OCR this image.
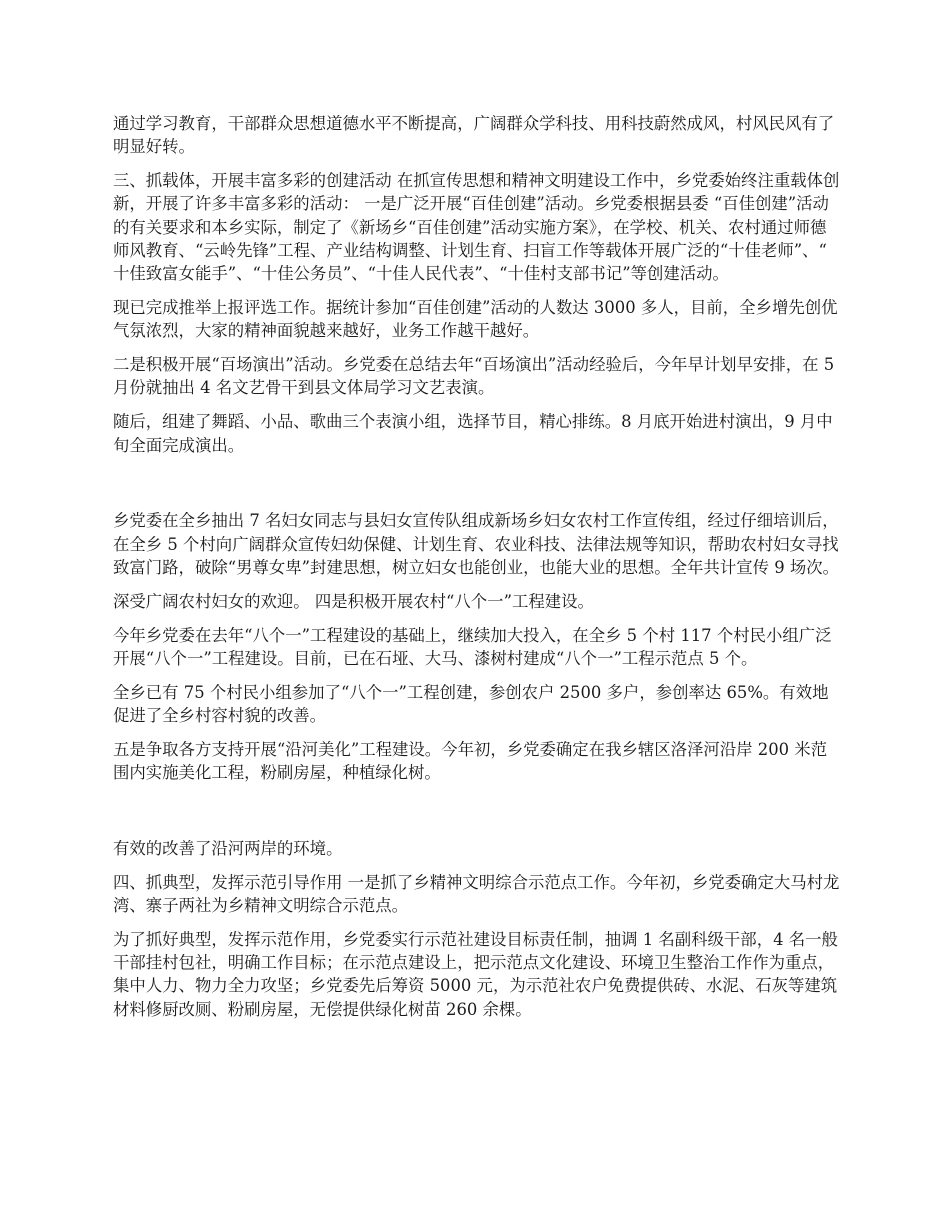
通过学习教育，干部群众思想道德水平不断提高，广阔群众学科技、用科技蔚然成风，村风民风有了明显好转。

三、抓载体，开展丰富多彩的创建活动 在抓宣传思想和精神文明建设工作中，乡党委始终注重载体创新，开展了许多丰富多彩的活动： 一是广泛开展“百佳创建”活动。乡党委根据县委 “百佳创建”活动的有关要求和本乡实际，制定了《新场乡“百佳创建”活动实施方案》，在学校、机关、农村通过师德师风教育、“云岭先锋”工程、产业结构调整、计划生育、扫盲工作等载体开展广泛的“十佳老师”、“十佳致富女能手”、“十佳公务员”、“十佳人民代表”、“十佳村支部书记”等创建活动。

现已完成推举上报评选工作。据统计参加“百佳创建”活动的人数达 3000 多人，目前，全乡增先创优气氛浓烈，大家的精神面貌越来越好，业务工作越干越好。

二是积极开展“百场演出”活动。乡党委在总结去年“百场演出”活动经验后，今年早计划早安排，在 5 月份就抽出 4 名文艺骨干到县文体局学习文艺表演。

随后，组建了舞蹈、小品、歌曲三个表演小组，选择节目，精心排练。8 月底开始进村演出，9 月中旬全面完成演出。

乡党委在全乡抽出 7 名妇女同志与县妇女宣传队组成新场乡妇女农村工作宣传组，经过仔细培训后，在全乡 5 个村向广阔群众宣传妇幼保健、计划生育、农业科技、法律法规等知识，帮助农村妇女寻找致富门路，破除“男尊女卑”封建思想，树立妇女也能创业，也能大业的思想。全年共计宣传 9 场次。

深受广阔农村妇女的欢迎。 四是积极开展农村“八个一”工程建设。

今年乡党委在去年“八个一”工程建设的基础上，继续加大投入，在全乡 5 个村 117 个村民小组广泛开展“八个一”工程建设。目前，已在石垭、大马、漆树村建成“八个一”工程示范点 5 个。

全乡已有 75 个村民小组参加了“八个一”工程创建，参创农户 2500 多户，参创率达 65%。有效地促进了全乡村容村貌的改善。

五是争取各方支持开展“沿河美化”工程建设。今年初，乡党委确定在我乡辖区洛泽河沿岸 200 米范围内实施美化工程，粉刷房屋，种植绿化树。

有效的改善了沿河两岸的环境。

四、抓典型，发挥示范引导作用 一是抓了乡精神文明综合示范点工作。今年初，乡党委确定大马村龙湾、寨子两社为乡精神文明综合示范点。

为了抓好典型，发挥示范作用，乡党委实行示范社建设目标责任制，抽调 1 名副科级干部，4 名一般干部挂村包社，明确工作目标；在示范点建设上，把示范点文化建设、环境卫生整治工作作为重点，集中人力、物力全力攻坚；乡党委先后筹资 5000 元，为示范社农户免费提供砖、水泥、石灰等建筑材料修厨改厕、粉刷房屋，无偿提供绿化树苗 260 余棵。
